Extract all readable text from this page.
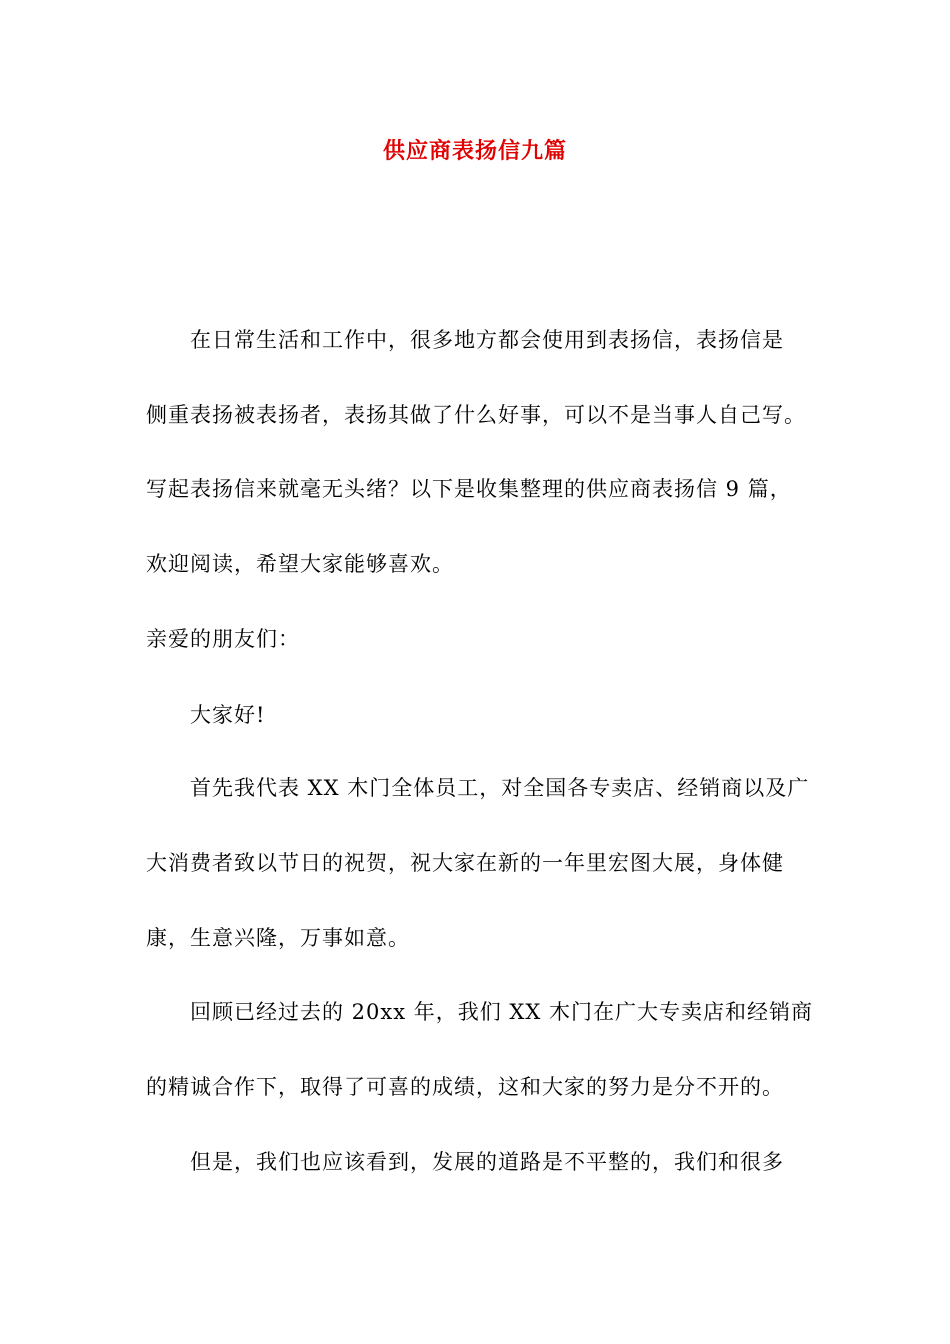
供应商表扬信九篇
在日常生活和工作中，很多地方都会使用到表扬信，表扬信是
侧重表扬被表扬者，表扬其做了什么好事，可以不是当事人自己写。
写起表扬信来就毫无头绪？以下是收集整理的供应商表扬信 9 篇，
欢迎阅读，希望大家能够喜欢。
亲爱的朋友们：
大家好!
首先我代表 XX 木门全体员工，对全国各专卖店、经销商以及广
大消费者致以节日的祝贺，祝大家在新的一年里宏图大展，身体健
康，生意兴隆，万事如意。
回顾已经过去的 20xx 年，我们 XX 木门在广大专卖店和经销商
的精诚合作下，取得了可喜的成绩，这和大家的努力是分不开的。
但是，我们也应该看到，发展的道路是不平整的，我们和很多
